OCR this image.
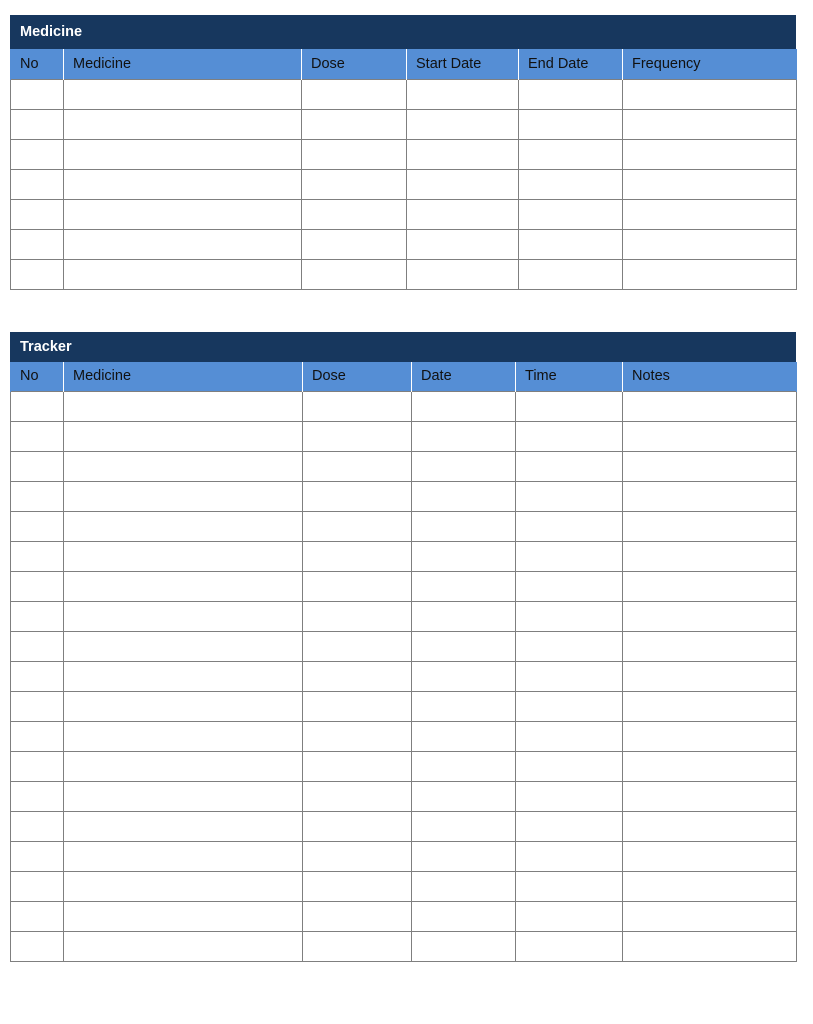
Medicine
No	Medicine	Dose	Start Date	End Date	Frequency

Tracker
No	Medicine	Dose	Date	Time	Notes
